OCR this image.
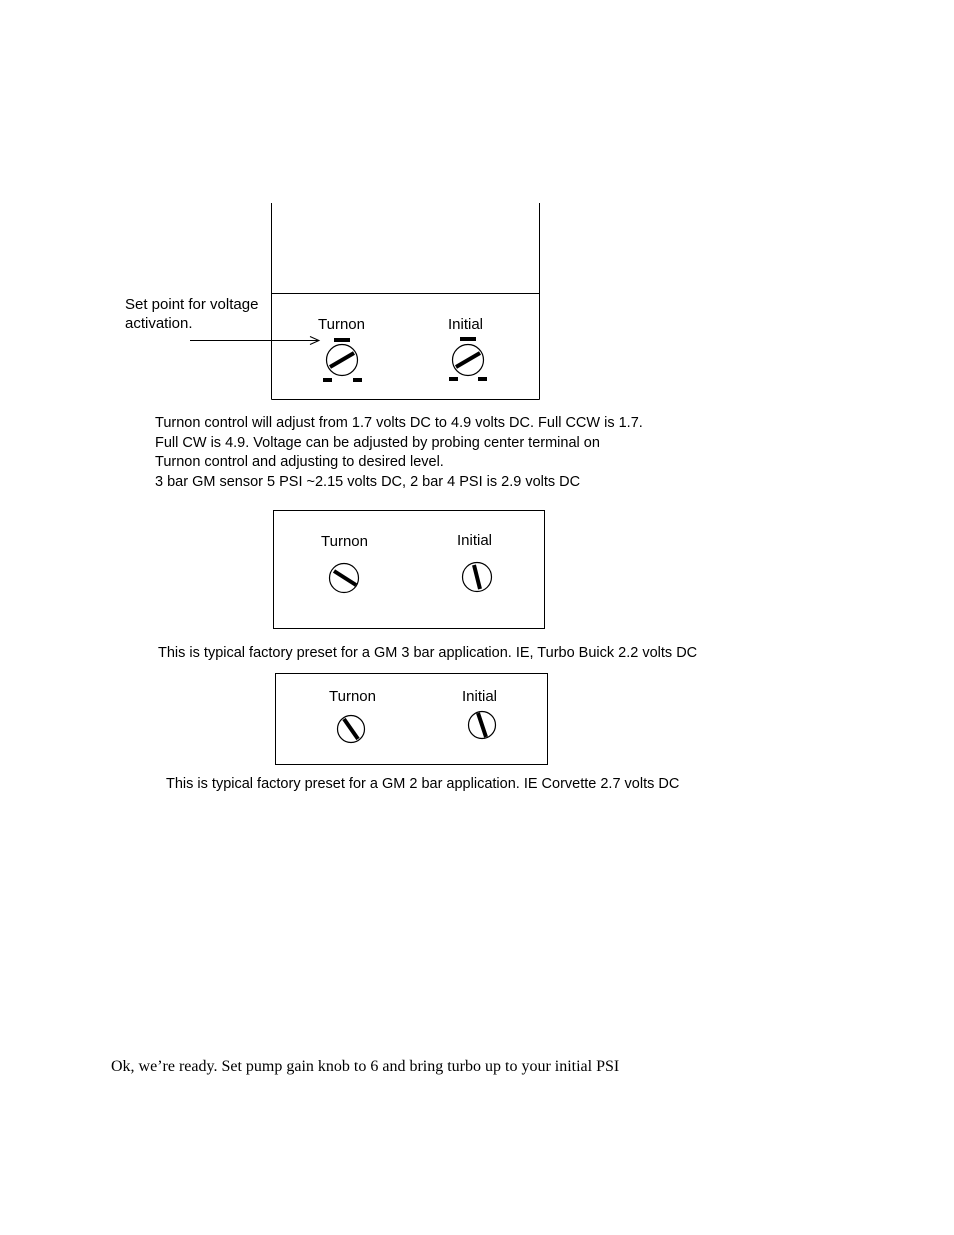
Set point for voltage
activation.	Turnon	Initial
Turnon control will adjust from 1.7 volts DC to 4.9 volts DC. Full CCW is 1.7.
Full CW is 4.9. Voltage can be adjusted by probing center terminal on
Turnon control and adjusting to desired level.
3 bar GM sensor 5 PSI ~2.15 volts DC, 2 bar 4 PSI is 2.9 volts DC
Turnon	Initial
This is typical factory preset for a GM 3 bar application. IE, Turbo Buick 2.2 volts DC
Turnon	Initial
This is typical factory preset for a GM 2 bar application. IE Corvette 2.7 volts DC
Ok, we’re ready. Set pump gain knob to 6 and bring turbo up to your initial PSI
